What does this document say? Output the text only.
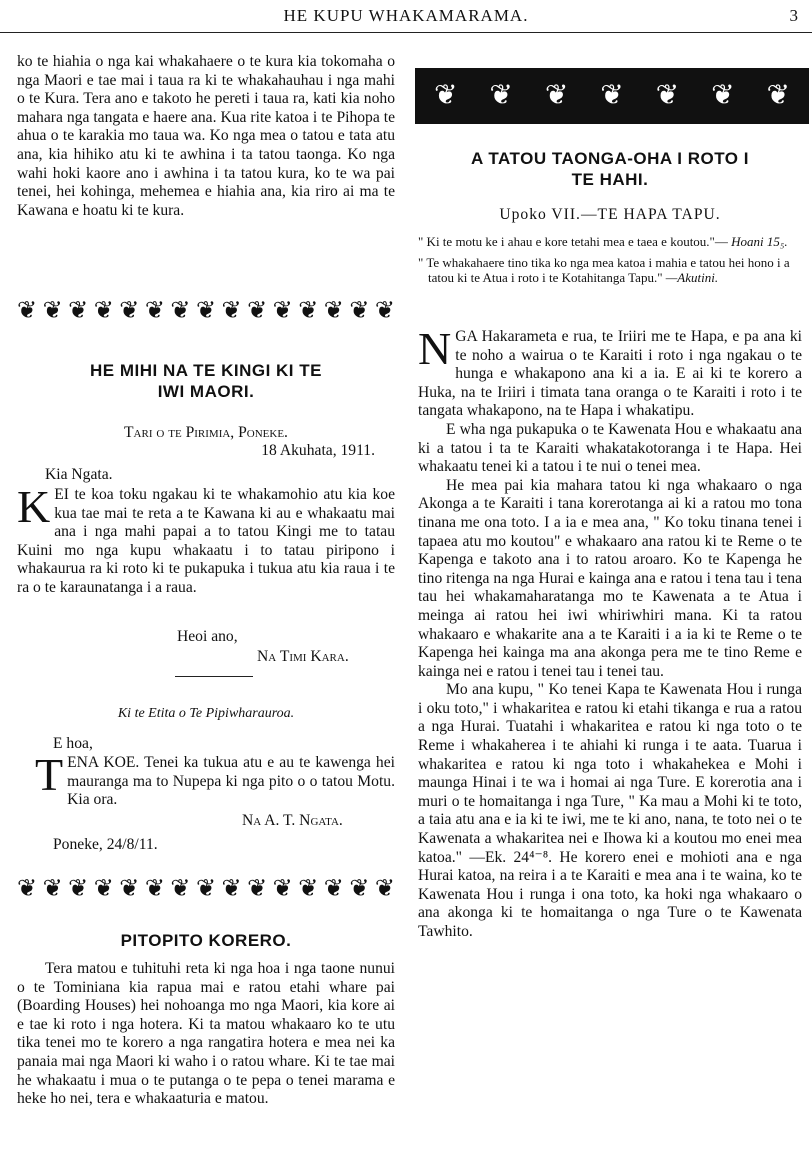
HE KUPU WHAKAMARAMA.	3

ko te hiahia o nga kai whakahaere o te kura kia tokomaha o nga Maori e tae mai i taua ra ki te whakahauhau i nga mahi o te Kura. Tera ano e takoto he pereti i taua ra, kati kia noho mahara nga tangata e haere ana. Kua rite katoa i te Pihopa te ahua o te karakia mo taua wa. Ko nga mea o tatou e tata atu ana, kia hihiko atu ki te awhina i ta tatou taonga. Ko nga wahi hoki kaore ano i awhina i ta tatou kura, ko te wa pai tenei, hei kohinga, mehemea e hiahia ana, kia riro ai ma te Kawana e hoatu ki te kura.

❦ ❦ ❦ ❦ ❦ ❦ ❦ ❦ ❦ ❦ ❦ ❦ ❦ ❦ ❦
HE MIHI NA TE KINGI KI TE
IWI MAORI.
Tari o te Pirimia, Poneke.
18 Akuhata, 1911.
Kia Ngata.
K EI te koa toku ngakau ki te whakamohio atu kia koe kua tae mai te reta a te Kawana ki au e whakaatu mai ana i nga mahi papai a to tatou Kingi me to tatau Kuini mo nga kupu whakaatu i to tatau piripono i whakaurua ra ki roto ki te pukapuka i tukua atu kia raua i te ra o te karaunatanga i a raua.

Heoi ano,
Na Timi Kara.
Ki te Etita o Te Pipiwharauroa.
E hoa,
T ENA KOE. Tenei ka tukua atu e au te kawenga hei mauranga ma to Nupepa ki nga pito o o tatou Motu. Kia ora.

Na A. T. Ngata.
Poneke, 24/8/11.
❦ ❦ ❦ ❦ ❦ ❦ ❦ ❦ ❦ ❦ ❦ ❦ ❦ ❦ ❦
PITOPITO KORERO.

Tera matou e tuhituhi reta ki nga hoa i nga taone nunui o te Tominiana kia rapua mai e ratou etahi whare pai (Boarding Houses) hei nohoanga mo nga Maori, kia kore ai e tae ki roto i nga hotera. Ki ta matou whakaaro ko te utu tika tenei mo te korero a nga rangatira hotera e mea nei ka panaia mai nga Maori ki waho i o ratou whare. Ki te tae mai he whakaatu i mua o te putanga o te pepa o tenei marama e heke ho nei, tera e whakaaturia e matou.

❦ ❦ ❦ ❦ ❦ ❦ ❦
A TATOU TAONGA-OHA I ROTO I
TE HAHI.
Upoko VII.—TE HAPA TAPU.
" Ki te motu ke i ahau e kore tetahi mea e taea e koutou."— Hoani 15₅.
" Te whakahaere tino tika ko nga mea katoa i mahia e tatou hei hono i a tatou ki te Atua i roto i te Kotahitanga Tapu." —Akutini.
N GA Hakarameta e rua, te Iriiri me te Hapa, e pa ana ki te noho a wairua o te Karaiti i roto i nga ngakau o te hunga e whakapono ana ki a ia. E ai ki te korero a Huka, na te Iriiri i timata tana oranga o te Karaiti i roto i te tangata whakapono, na te Hapa i whakatipu.

E wha nga pukapuka o te Kawenata Hou e whakaatu ana ki a tatou i ta te Karaiti whakatakotoranga i te Hapa. Hei whakaatu tenei ki a tatou i te nui o tenei mea.

He mea pai kia mahara tatou ki nga whakaaro o nga Akonga a te Karaiti i tana korerotanga ai ki a ratou mo tona tinana me ona toto. I a ia e mea ana, " Ko toku tinana tenei i tapaea atu mo koutou" e whakaaro ana ratou ki te Reme o te Kapenga e takoto ana i to ratou aroaro. Ko te Kapenga he tino ritenga na nga Hurai e kainga ana e ratou i tena tau i tena tau hei whakamaharatanga mo te Kawenata a te Atua i meinga ai ratou hei iwi whiriwhiri mana. Ki ta ratou whakaaro e whakarite ana a te Karaiti i a ia ki te Reme o te Kapenga hei kainga ma ana akonga pera me te tino Reme e kainga nei e ratou i tenei tau i tenei tau.

Mo ana kupu, " Ko tenei Kapa te Kawenata Hou i runga i oku toto," i whakaritea e ratou ki etahi tikanga e rua a ratou a nga Hurai. Tuatahi i whakaritea e ratou ki nga toto o te Reme i whakaherea i te ahiahi ki runga i te aata. Tuarua i whakaritea e ratou ki nga toto i whakahekea e Mohi i maunga Hinai i te wa i homai ai nga Ture. E korerotia ana i muri o te homaitanga i nga Ture, " Ka mau a Mohi ki te toto, a taia atu ana e ia ki te iwi, me te ki ano, nana, te toto nei o te Kawenata a whakaritea nei e Ihowa ki a koutou mo enei mea katoa." —Ek. 24⁴⁻⁸. He korero enei e mohioti ana e nga Hurai katoa, na reira i a te Karaiti e mea ana i te waina, ko te Kawenata Hou i runga i ona toto, ka hoki nga whakaaro o ana akonga ki te homaitanga o nga Ture o te Kawenata Tawhito.
